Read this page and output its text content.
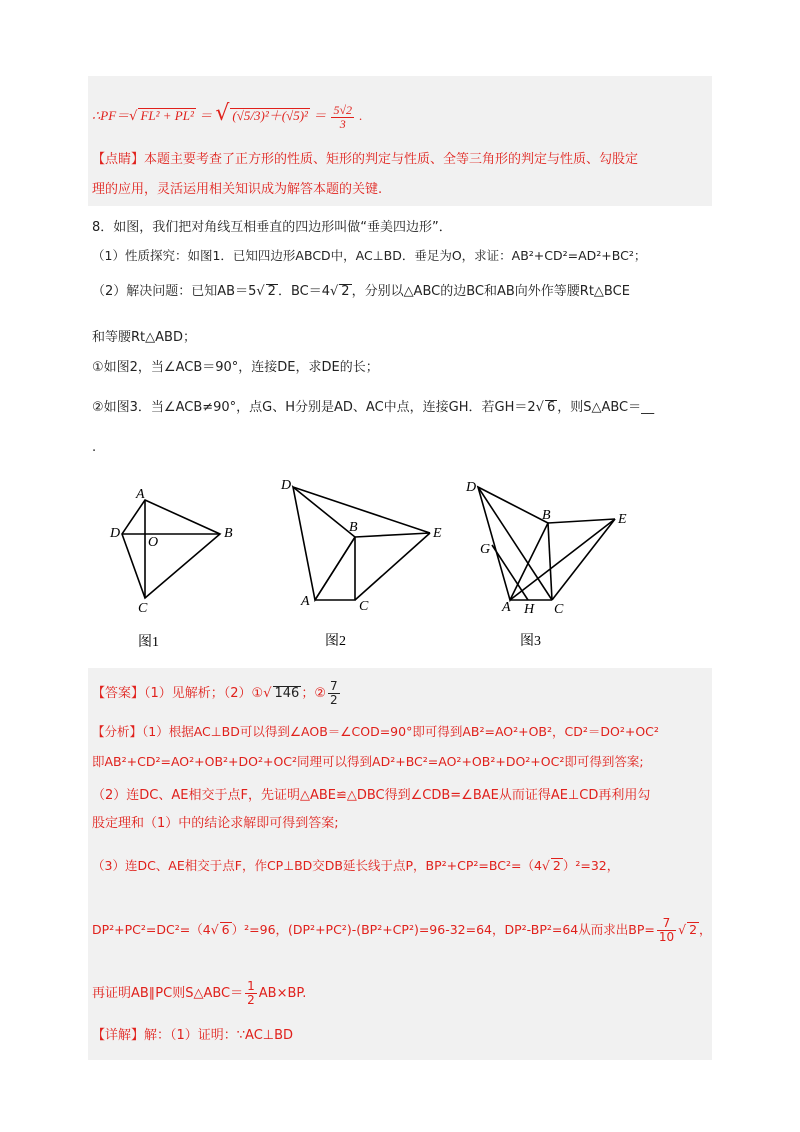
∴PF＝√ FL² + PL² ＝ √ $(√5/3)^2+(√5)^2 = \frac{5√2}{3}$ .
【点睛】本题主要考查了正方形的性质、矩形的判定与性质、全等三角形的判定与性质、勾股定
理的应用，灵活运用相关知识成为解答本题的关键.
8．如图，我们把对角线互相垂直的四边形叫做“垂美四边形”．
（1）性质探究：如图1．已知四边形ABCD中，AC⊥BD．垂足为O，求证：AB²+CD²=AD²+BC²；
（2）解决问题：已知AB＝5√ 2 ．BC＝4√ 2 ，分别以△ABC的边BC和AB向外作等腰Rt△BCE
和等腰Rt△ABD；
①如图2，当∠ACB＝90°，连接DE，求DE的长；
②如图3．当∠ACB≠90°，点G、H分别是AD、AC中点，连接GH．若GH＝2√ 6 ，则S△ABC＝__
.
A
B
C
D
O
图1
D
B	E
A	C
图2
D
B	E
G
A H C
图3
【答案】（1）见解析；（2）①√ 146 ；② $\frac{7}{2}$
【分析】（1）根据AC⊥BD可以得到∠AOB＝∠COD=90°即可得到AB²=AO²+OB²，CD²＝DO²+OC²
即AB²+CD²=AO²+OB²+DO²+OC²同理可以得到AD²+BC²=AO²+OB²+DO²+OC²即可得到答案;
（2）连DC、AE相交于点F，先证明△ABE≌△DBC得到∠CDB=∠BAE从而证得AE⊥CD再利用勾
股定理和（1）中的结论求解即可得到答案;
（3）连DC、AE相交于点F，作CP⊥BD交DB延长线于点P，BP²+CP²=BC²=（4√ 2 ）²=32，
DP²+PC²=DC²=（4√ 6 ）²=96，(DP²+PC²)-(BP²+CP²)=96-32=64，DP²-BP²=64从而求出$BP= \frac{7}{10}$ √ 2 ，
再证明AB∥PC则S△ABC＝ $\frac{1}{2} AB\times BP$.
【详解】解：（1）证明：∵AC⊥BD
